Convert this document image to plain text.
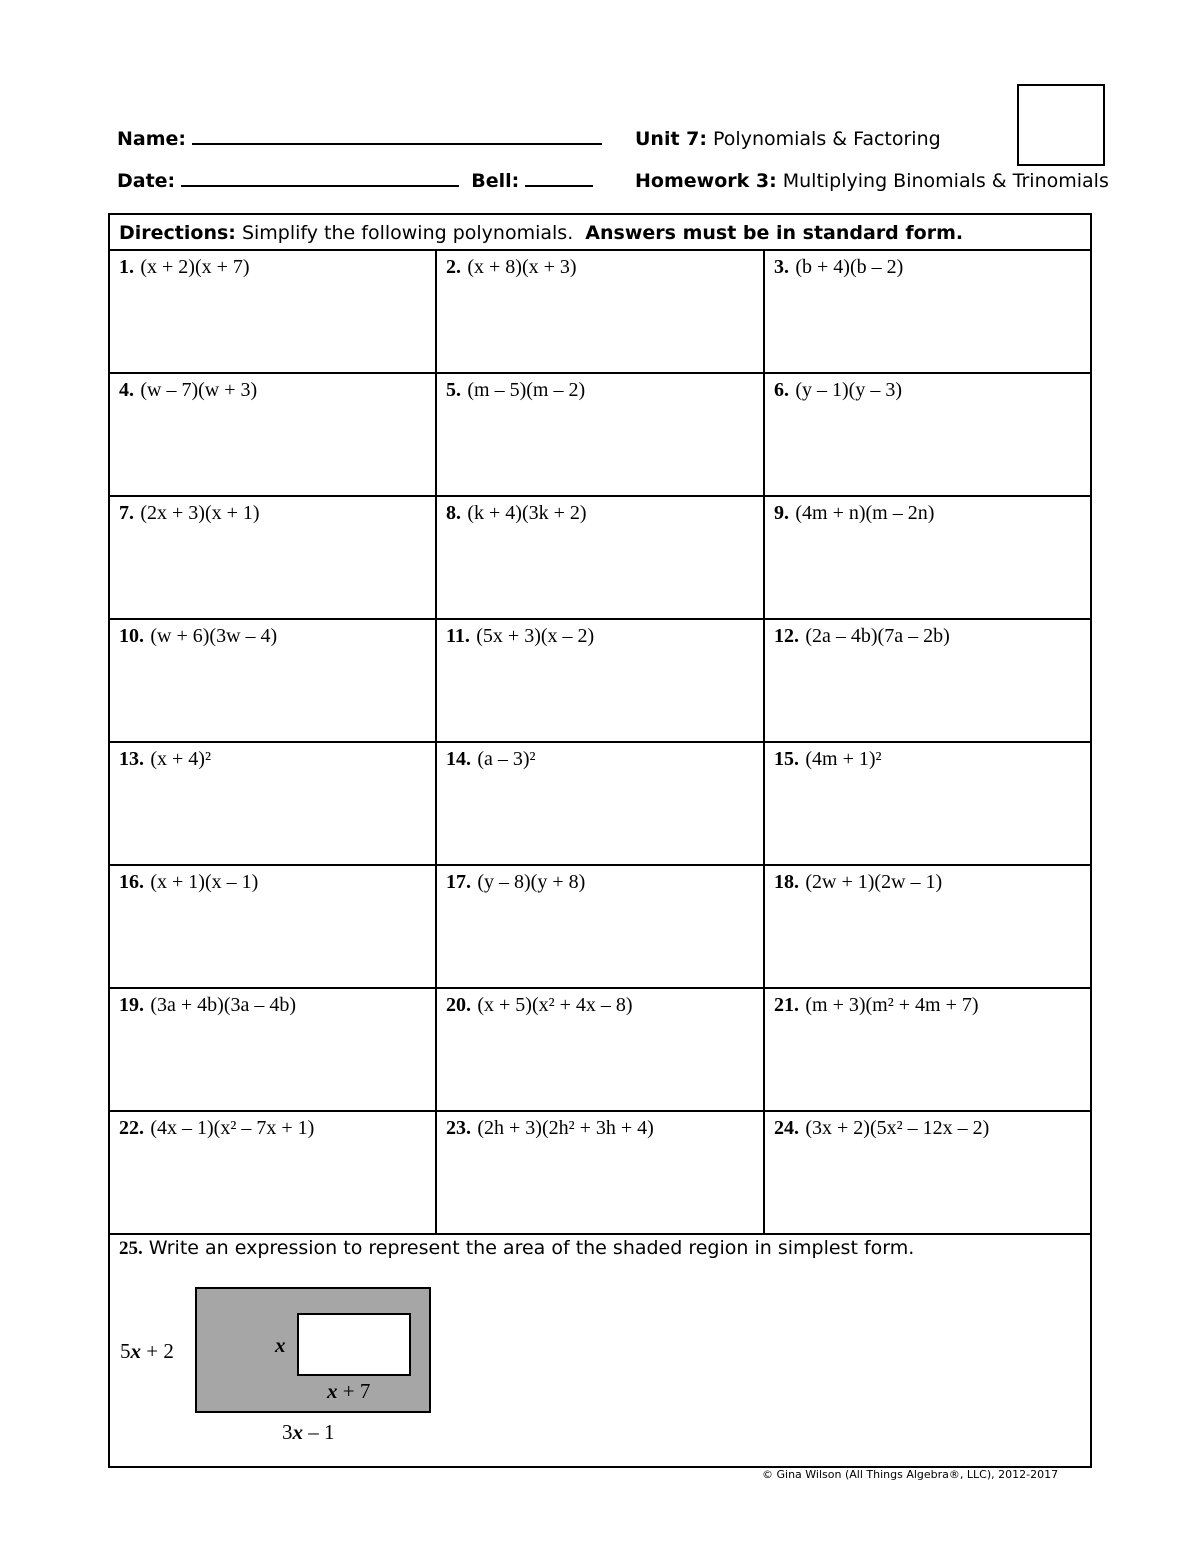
Name:
Date:	Bell:
Unit 7: Polynomials & Factoring
Homework 3: Multiplying Binomials & Trinomials
Directions: Simplify the following polynomials. Answers must be in standard form.
1. (x + 2)(x + 7)	2. (x + 8)(x + 3)	3. (b + 4)(b – 2)
4. (w – 7)(w + 3)	5. (m – 5)(m – 2)	6. (y – 1)(y – 3)
7. (2x + 3)(x + 1)	8. (k + 4)(3k + 2)	9. (4m + n)(m – 2n)
10. (w + 6)(3w – 4)	11. (5x + 3)(x – 2)	12. (2a – 4b)(7a – 2b)
13. (x + 4)²	14. (a – 3)²	15. (4m + 1)²
16. (x + 1)(x – 1)	17. (y – 8)(y + 8)	18. (2w + 1)(2w – 1)
19. (3a + 4b)(3a – 4b)	20. (x + 5)(x² + 4x – 8)	21. (m + 3)(m² + 4m + 7)
22. (4x – 1)(x² – 7x + 1)	23. (2h + 3)(2h² + 3h + 4)	24. (3x + 2)(5x² – 12x – 2)
25. Write an expression to represent the area of the shaded region in simplest form.
5x + 2	x
x + 7
3x – 1
© Gina Wilson (All Things Algebra®, LLC), 2012-2017
